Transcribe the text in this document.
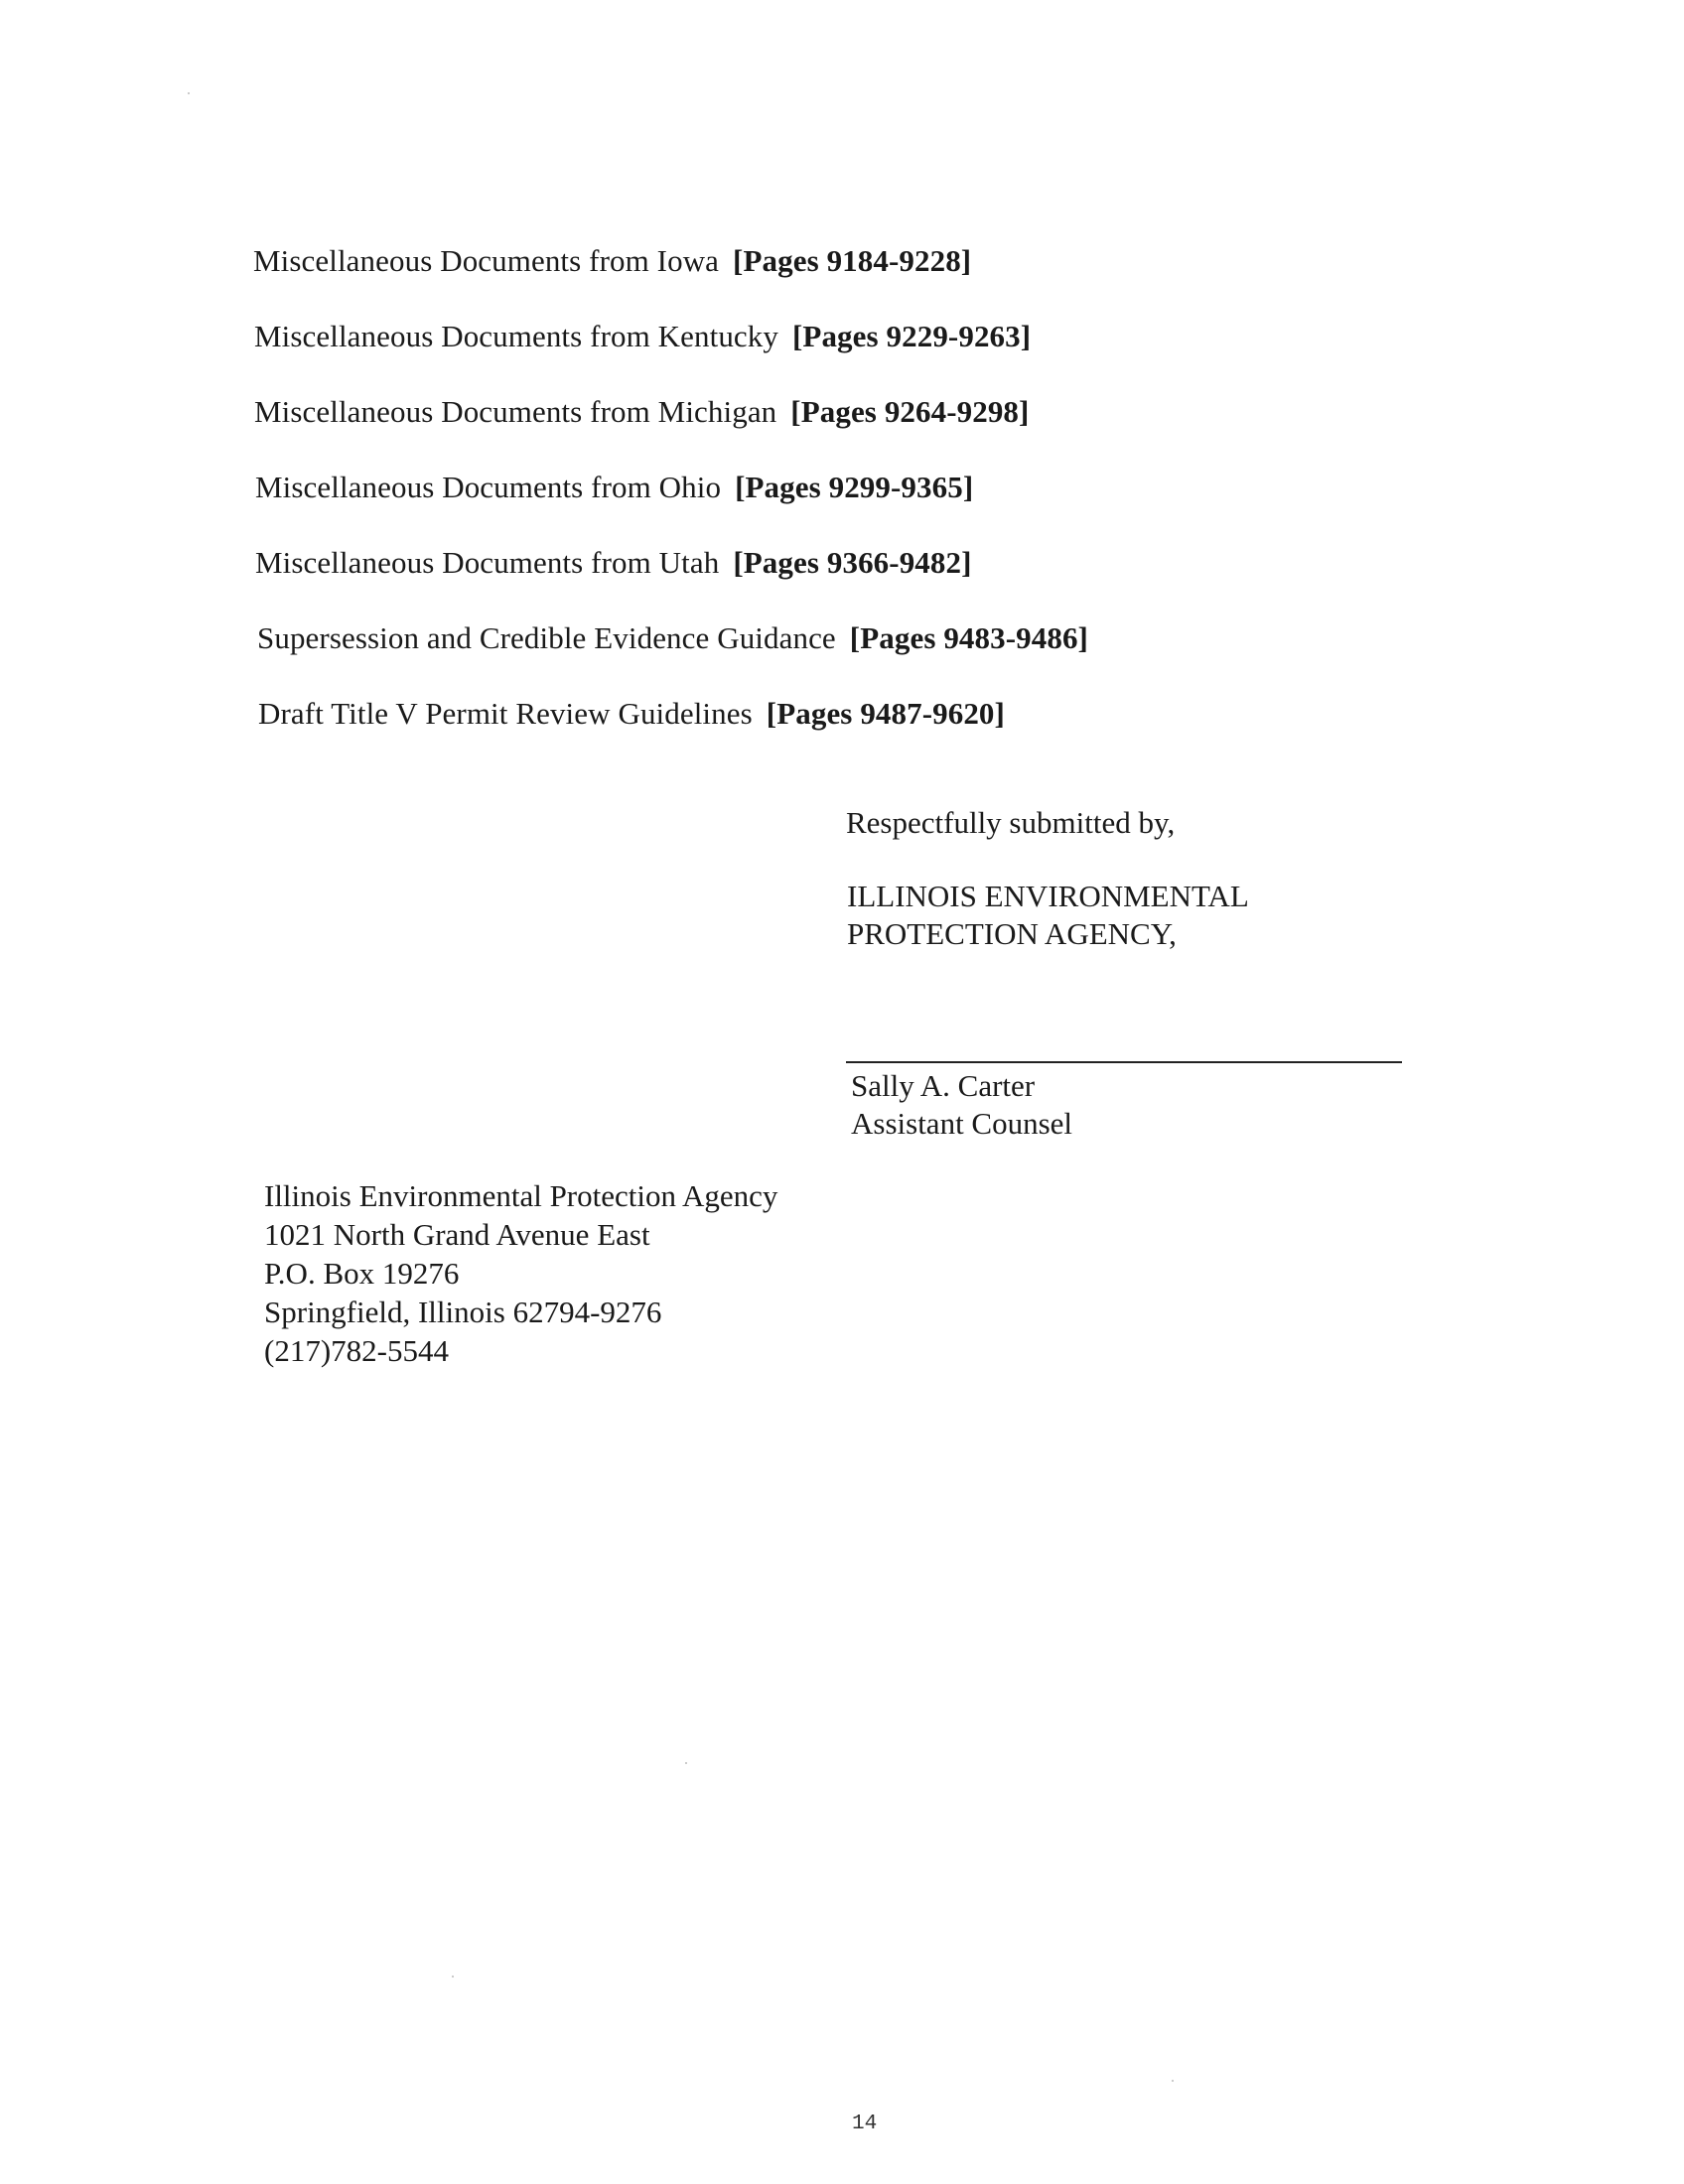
Miscellaneous Documents from Iowa [Pages 9184-9228]
Miscellaneous Documents from Kentucky [Pages 9229-9263]
Miscellaneous Documents from Michigan [Pages 9264-9298]
Miscellaneous Documents from Ohio [Pages 9299-9365]
Miscellaneous Documents from Utah [Pages 9366-9482]
Supersession and Credible Evidence Guidance [Pages 9483-9486]
Draft Title V Permit Review Guidelines [Pages 9487-9620]
Respectfully submitted by,
ILLINOIS ENVIRONMENTAL
PROTECTION AGENCY,
Sally A. Carter
Assistant Counsel
Illinois Environmental Protection Agency
1021 North Grand Avenue East
P.O. Box 19276
Springfield, Illinois 62794-9276
(217)782-5544
14
